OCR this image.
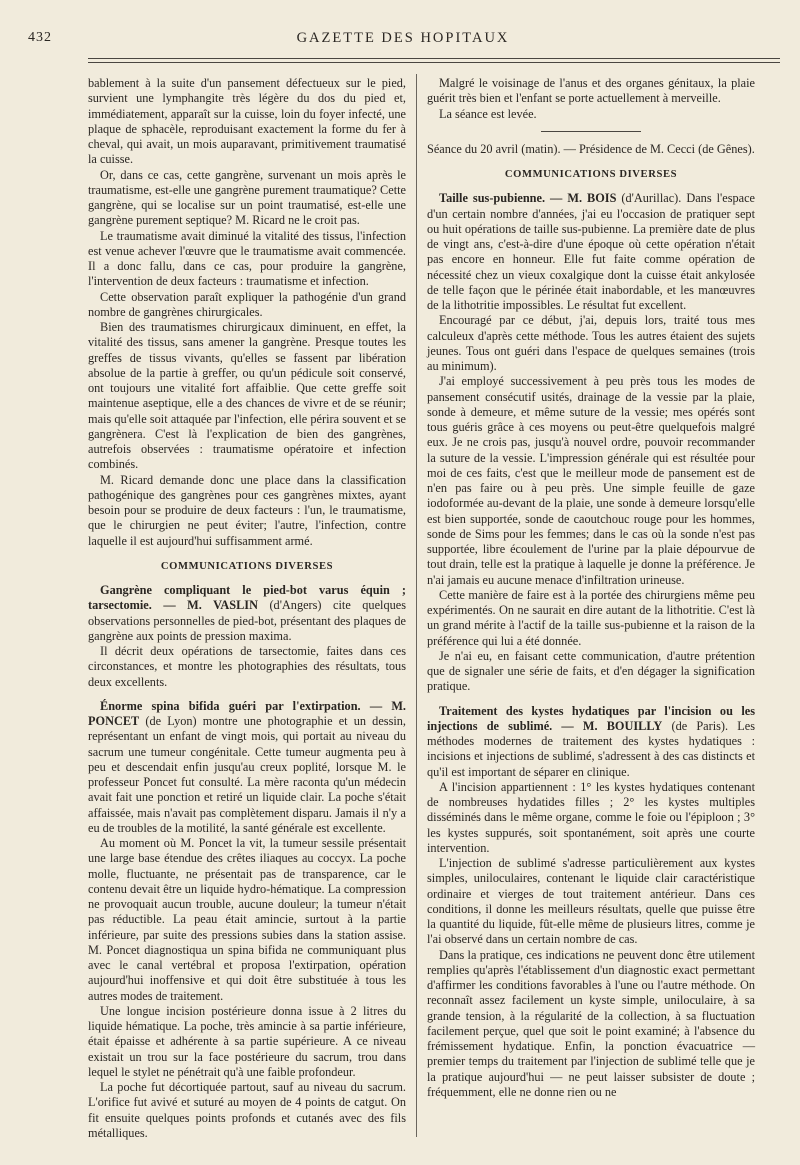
432	GAZETTE DES HOPITAUX

bablement à la suite d'un pansement défectueux sur le pied, survient une lymphangite très légère du dos du pied et, immédiatement, apparaît sur la cuisse, loin du foyer infecté, une plaque de sphacèle, reproduisant exactement la forme du fer à cheval, qui avait, un mois auparavant, primitivement traumatisé la cuisse.

Or, dans ce cas, cette gangrène, survenant un mois après le traumatisme, est-elle une gangrène purement traumatique? Cette gangrène, qui se localise sur un point traumatisé, est-elle une gangrène purement septique? M. Ricard ne le croit pas.

Le traumatisme avait diminué la vitalité des tissus, l'infection est venue achever l'œuvre que le traumatisme avait commencée. Il a donc fallu, dans ce cas, pour produire la gangrène, l'intervention de deux facteurs : traumatisme et infection.

Cette observation paraît expliquer la pathogénie d'un grand nombre de gangrènes chirurgicales.

Bien des traumatismes chirurgicaux diminuent, en effet, la vitalité des tissus, sans amener la gangrène. Presque toutes les greffes de tissus vivants, qu'elles se fassent par libération absolue de la partie à greffer, ou qu'un pédicule soit conservé, ont toujours une vitalité fort affaiblie. Que cette greffe soit maintenue aseptique, elle a des chances de vivre et de se réunir; mais qu'elle soit attaquée par l'infection, elle périra souvent et se gangrènera. C'est là l'explication de bien des gangrènes, autrefois observées : traumatisme opératoire et infection combinés.

M. Ricard demande donc une place dans la classification pathogénique des gangrènes pour ces gangrènes mixtes, ayant besoin pour se produire de deux facteurs : l'un, le traumatisme, que le chirurgien ne peut éviter; l'autre, l'infection, contre laquelle il est aujourd'hui suffisamment armé.

COMMUNICATIONS DIVERSES

Gangrène compliquant le pied-bot varus équin ; tarsectomie. — M. VASLIN (d'Angers) cite quelques observations personnelles de pied-bot, présentant des plaques de gangrène aux points de pression maxima.

Il décrit deux opérations de tarsectomie, faites dans ces circonstances, et montre les photographies des résultats, tous deux excellents.

Énorme spina bifida guéri par l'extirpation. — M. PONCET (de Lyon) montre une photographie et un dessin, représentant un enfant de vingt mois, qui portait au niveau du sacrum une tumeur congénitale. Cette tumeur augmenta peu à peu et descendait enfin jusqu'au creux poplité, lorsque M. le professeur Poncet fut consulté. La mère raconta qu'un médecin avait fait une ponction et retiré un liquide clair. La poche s'était affaissée, mais n'avait pas complètement disparu. Jamais il n'y a eu de troubles de la motilité, la santé générale est excellente.

Au moment où M. Poncet la vit, la tumeur sessile présentait une large base étendue des crêtes iliaques au coccyx. La poche molle, fluctuante, ne présentait pas de transparence, car le contenu devait être un liquide hydro-hématique. La compression ne provoquait aucun trouble, aucune douleur; la tumeur n'était pas réductible. La peau était amincie, surtout à la partie inférieure, par suite des pressions subies dans la station assise. M. Poncet diagnostiqua un spina bifida ne communiquant plus avec le canal vertébral et proposa l'extirpation, opération aujourd'hui inoffensive et qui doit être substituée à tous les autres modes de traitement.

Une longue incision postérieure donna issue à 2 litres du liquide hématique. La poche, très amincie à sa partie inférieure, était épaisse et adhérente à sa partie supérieure. A ce niveau existait un trou sur la face postérieure du sacrum, trou dans lequel le stylet ne pénétrait qu'à une faible profondeur.

La poche fut décortiquée partout, sauf au niveau du sacrum. L'orifice fut avivé et suturé au moyen de 4 points de catgut. On fit ensuite quelques points profonds et cutanés avec des fils métalliques.

Malgré le voisinage de l'anus et des organes génitaux, la plaie guérit très bien et l'enfant se porte actuellement à merveille.

La séance est levée.

Séance du 20 avril (matin). — Présidence de M. Cecci (de Gênes).

COMMUNICATIONS DIVERSES

Taille sus-pubienne. — M. BOIS (d'Aurillac). Dans l'espace d'un certain nombre d'années, j'ai eu l'occasion de pratiquer sept ou huit opérations de taille sus-pubienne. La première date de plus de vingt ans, c'est-à-dire d'une époque où cette opération n'était pas encore en honneur. Elle fut faite comme opération de nécessité chez un vieux coxalgique dont la cuisse était ankylosée de telle façon que le périnée était inabordable, et les manœuvres de la lithotritie impossibles. Le résultat fut excellent.

Encouragé par ce début, j'ai, depuis lors, traité tous mes calculeux d'après cette méthode. Tous les autres étaient des sujets jeunes. Tous ont guéri dans l'espace de quelques semaines (trois au minimum).

J'ai employé successivement à peu près tous les modes de pansement consécutif usités, drainage de la vessie par la plaie, sonde à demeure, et même suture de la vessie; mes opérés sont tous guéris grâce à ces moyens ou peut-être quelquefois malgré eux. Je ne crois pas, jusqu'à nouvel ordre, pouvoir recommander la suture de la vessie. L'impression générale qui est résultée pour moi de ces faits, c'est que le meilleur mode de pansement est de n'en pas faire ou à peu près. Une simple feuille de gaze iodoformée au-devant de la plaie, une sonde à demeure lorsqu'elle est bien supportée, sonde de caoutchouc rouge pour les hommes, sonde de Sims pour les femmes; dans le cas où la sonde n'est pas supportée, libre écoulement de l'urine par la plaie dépourvue de tout drain, telle est la pratique à laquelle je donne la préférence. Je n'ai jamais eu aucune menace d'infiltration urineuse.

Cette manière de faire est à la portée des chirurgiens même peu expérimentés. On ne saurait en dire autant de la lithotritie. C'est là un grand mérite à l'actif de la taille sus-pubienne et la raison de la préférence qui lui a été donnée.

Je n'ai eu, en faisant cette communication, d'autre prétention que de signaler une série de faits, et d'en dégager la signification pratique.

Traitement des kystes hydatiques par l'incision ou les injections de sublimé. — M. BOUILLY (de Paris). Les méthodes modernes de traitement des kystes hydatiques : incisions et injections de sublimé, s'adressent à des cas distincts et qu'il est important de séparer en clinique.

A l'incision appartiennent : 1° les kystes hydatiques contenant de nombreuses hydatides filles ; 2° les kystes multiples disséminés dans le même organe, comme le foie ou l'épiploon ; 3° les kystes suppurés, soit spontanément, soit après une courte intervention.

L'injection de sublimé s'adresse particulièrement aux kystes simples, uniloculaires, contenant le liquide clair caractéristique ordinaire et vierges de tout traitement antérieur. Dans ces conditions, il donne les meilleurs résultats, quelle que puisse être la quantité du liquide, fût-elle même de plusieurs litres, comme je l'ai observé dans un certain nombre de cas.

Dans la pratique, ces indications ne peuvent donc être utilement remplies qu'après l'établissement d'un diagnostic exact permettant d'affirmer les conditions favorables à l'une ou l'autre méthode. On reconnaît assez facilement un kyste simple, uniloculaire, à sa grande tension, à la régularité de la collection, à sa fluctuation facilement perçue, quel que soit le point examiné; à l'absence du frémissement hydatique. Enfin, la ponction évacuatrice — premier temps du traitement par l'injection de sublimé telle que je la pratique aujourd'hui — ne peut laisser subsister de doute ; fréquemment, elle ne donne rien ou ne
